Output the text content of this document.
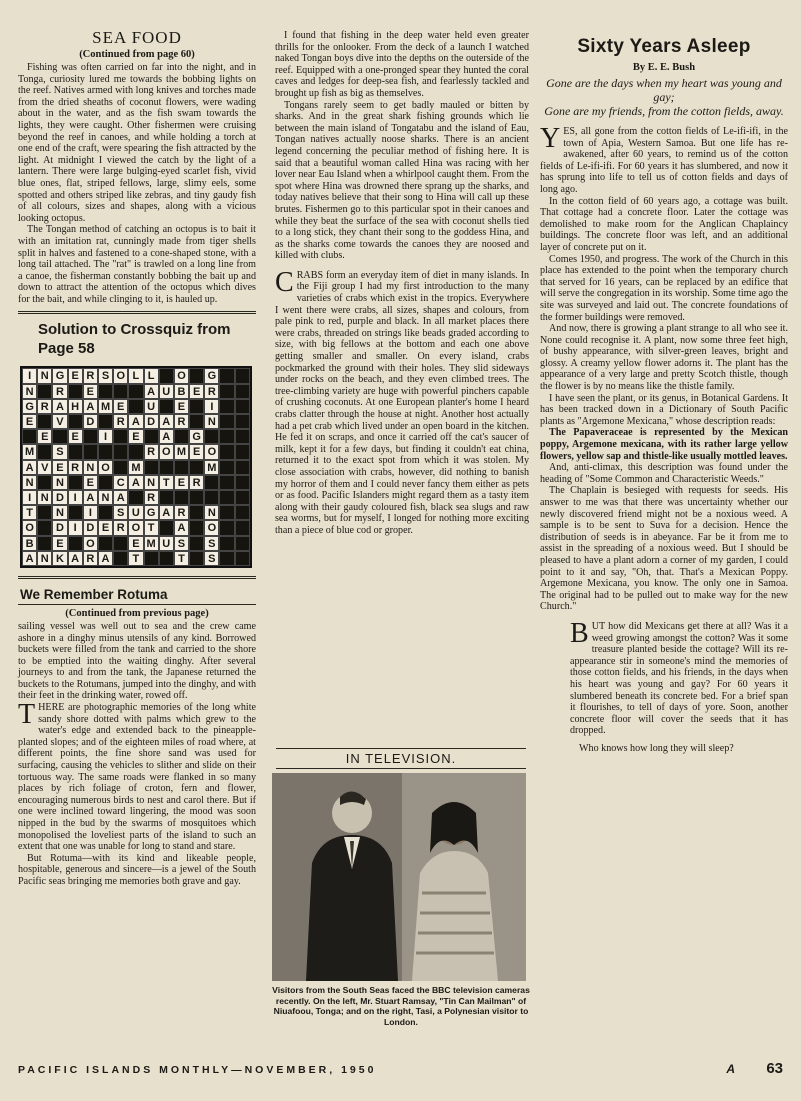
SEA FOOD
(Continued from page 60)

Fishing was often carried on far into the night, and in Tonga, curiosity lured me towards the bobbing lights on the reef. Natives armed with long knives and torches made from the dried sheaths of coconut flowers, were wading about in the water, and as the fish swam towards the lights, they were caught. Other fishermen were cruising beyond the reef in canoes, and while holding a torch at one end of the craft, were spearing the fish attracted by the light. At midnight I viewed the catch by the light of a lantern. There were large bulging-eyed scarlet fish, vivid blue ones, flat, striped fellows, large, slimy eels, some spotted and others striped like zebras, and tiny gaudy fish of all colours, sizes and shapes, along with a vicious looking octopus.

The Tongan method of catching an octopus is to bait it with an imitation rat, cunningly made from tiger shells split in halves and fastened to a cone-shaped stone, with a long tail attached. The "rat" is trawled on a long line from a canoe, the fisherman constantly bobbing the bait up and down to attract the attention of the octopus which dives for the bait, and while clinging to it, is hauled up.

Solution to Crossquiz from Page 58
I N G E R S O L L	O	G
N	R	E	A U B E R
G R A H A M E	U	E	I
E	V	D	R A D A R	N
E	E	I	E	A	G
M	S	R O M E O
A V E R N O	M	M
N	N	E	C A N T E R
I N D I A N A	R
T	N	I	S U G A R	N
O	D I D E R O T	A	O
B	E	O	E M U S	S
A N K A R A	T	T	S
We Remember Rotuma
(Continued from previous page)

sailing vessel was well out to sea and the crew came ashore in a dinghy minus utensils of any kind. Borrowed buckets were filled from the tank and carried to the shore to be emptied into the waiting dinghy. After several journeys to and from the tank, the Japanese returned the buckets to the Rotumans, jumped into the dinghy, and with their feet in the drinking water, rowed off.

THERE are photographic memories of the long white sandy shore dotted with palms which grew to the water's edge and extended back to the pineapple-planted slopes; and of the eighteen miles of road where, at different points, the fine shore sand was used for surfacing, causing the vehicles to slither and slide on their tortuous way. The same roads were flanked in so many places by rich foliage of croton, fern and flower, encouraging numerous birds to nest and carol there. But if one were inclined toward lingering, the mood was soon nipped in the bud by the swarms of mosquitoes which monopolised the loveliest parts of the island to such an extent that one was unable for long to stand and stare.

But Rotuma—with its kind and likeable people, hospitable, generous and sincere—is a jewel of the South Pacific seas bringing me memories both grave and gay.

I found that fishing in the deep water held even greater thrills for the onlooker. From the deck of a launch I watched naked Tongan boys dive into the depths on the outerside of the reef. Equipped with a one-pronged spear they hunted the coral caves and ledges for deep-sea fish, and fearlessly tackled and brought up fish as big as themselves.

Tongans rarely seem to get badly mauled or bitten by sharks. And in the great shark fishing grounds which lie between the main island of Tongatabu and the island of Eau, Tongan natives actually noose sharks. There is an ancient legend concerning the peculiar method of fishing here. It is said that a beautiful woman called Hina was racing with her lover near Eau Island when a whirlpool caught them. From the spot where Hina was drowned there sprang up the sharks, and today natives believe that their song to Hina will call up these brutes. Fishermen go to this particular spot in their canoes and while they beat the surface of the sea with coconut shells tied to a long stick, they chant their song to the goddess Hina, and as the sharks come towards the canoes they are noosed and killed with clubs.

CRABS form an everyday item of diet in many islands. In the Fiji group I had my first introduction to the many varieties of crabs which exist in the tropics. Everywhere I went there were crabs, all sizes, shapes and colours, from pale pink to red, purple and black. In all market places there were crabs, threaded on strings like beads graded according to size, with big fellows at the bottom and each one above getting smaller and smaller. On every island, crabs pockmarked the ground with their holes. They slid sideways under rocks on the beach, and they even climbed trees. The tree-climbing variety are huge with powerful pinchers capable of crushing coconuts. At one European planter's home I heard crabs clatter through the house at night. Another host actually had a pet crab which lived under an open board in the kitchen. He fed it on scraps, and once it carried off the cat's saucer of milk, kept it for a few days, but finding it couldn't eat china, returned it to the exact spot from which it was stolen. My close association with crabs, however, did nothing to banish my horror of them and I could never fancy them either as pets or as food. Pacific Islanders might regard them as a tasty item along with their gaudy coloured fish, black sea slugs and raw sea worms, but for myself, I longed for nothing more exciting than a piece of blue cod or groper.

IN TELEVISION.
Visitors from the South Seas faced the BBC television cameras recently. On the left, Mr. Stuart Ramsay, "Tin Can Mailman" of Niuafoou, Tonga; and on the right, Tasi, a Polynesian visitor to London.
Sixty Years Asleep
By E. E. Bush
Gone are the days when my heart was young and gay;
Gone are my friends, from the cotton fields, away.

YES, all gone from the cotton fields of Le-ifi-ifi, in the town of Apia, Western Samoa. But one life has re-awakened, after 60 years, to remind us of the cotton fields of Le-ifi-ifi. For 60 years it has slumbered, and now it has sprung into life to tell us of cotton fields and days of long ago.

In the cotton field of 60 years ago, a cottage was built. That cottage had a concrete floor. Later the cottage was demolished to make room for the Anglican Chaplaincy buildings. The concrete floor was left, and an additional layer of concrete put on it.

Comes 1950, and progress. The work of the Church in this place has extended to the point when the temporary church that served for 16 years, can be replaced by an edifice that will serve the congregation in its worship. Some time ago the site was surveyed and laid out. The concrete foundations of the former buildings were removed.

And now, there is growing a plant strange to all who see it. None could recognise it. A plant, now some three feet high, of bushy appearance, with silver-green leaves, bright and glossy. A creamy yellow flower adorns it. The plant has the appearance of a very large and pretty Scotch thistle, though the flower is by no means like the thistle family.

I have seen the plant, or its genus, in Botanical Gardens. It has been tracked down in a Dictionary of South Pacific plants as "Argemone Mexicana," whose description reads:

The Papaveraceae is represented by the Mexican poppy, Argemone mexicana, with its rather large yellow flowers, yellow sap and thistle-like usually mottled leaves.

And, anti-climax, this description was found under the heading of "Some Common and Characteristic Weeds."

The Chaplain is besieged with requests for seeds. His answer to me was that there was uncertainty whether our newly discovered friend might not be a noxious weed. A sample is to be sent to Suva for a decision. Hence the distribution of seeds is in abeyance. Far be it from me to assist in the spreading of a noxious weed. But I should be pleased to have a plant adorn a corner of my garden, I could point to it and say, "Oh, that. That's a Mexican Poppy. Argemone Mexicana, you know. The only one in Samoa. The original had to be pulled out to make way for the new Church."

BUT how did Mexicans get there at all? Was it a weed growing amongst the cotton? Was it some treasure planted beside the cottage? Will its re-appearance stir in someone's mind the memories of those cotton fields, and his friends, in the days when his heart was young and gay? For 60 years it slumbered beneath its concrete bed. For a brief span it flourishes, to tell of days of yore. Soon, another concrete floor will cover the seeds that it has dropped.

Who knows how long they will sleep?

PACIFIC ISLANDS MONTHLY—NOVEMBER, 1950	A 63
